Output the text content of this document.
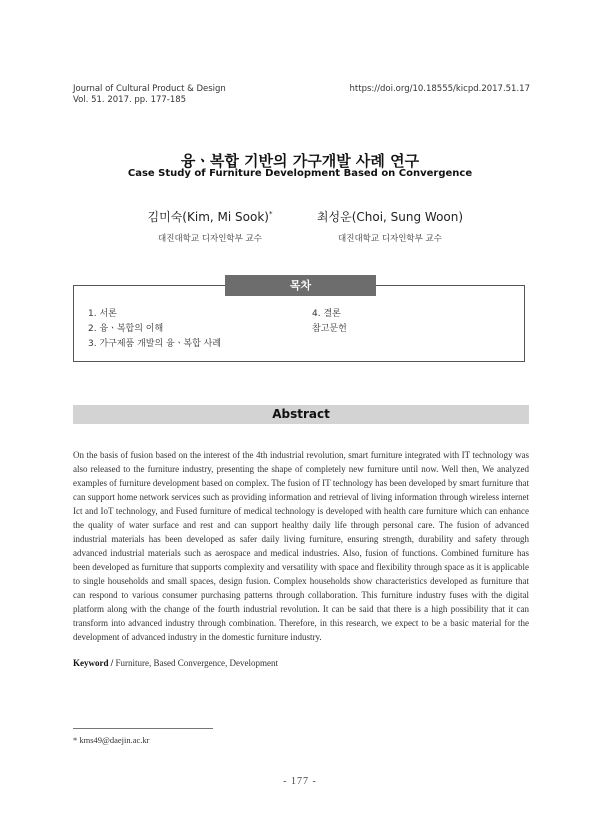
Journal of Cultural Product & Design
Vol. 51. 2017. pp. 177-185
https://doi.org/10.18555/kicpd.2017.51.17
융ㆍ복합 기반의 가구개발 사례 연구
Case Study of Furniture Development Based on Convergence
김미숙(Kim, Mi Sook)*
대진대학교 디자인학부 교수
최성운(Choi, Sung Woon)
대진대학교 디자인학부 교수
목차
1. 서론
2. 융ㆍ복합의 이해
3. 가구제품 개발의 융ㆍ복합 사례
4. 결론
참고문헌
Abstract

On the basis of fusion based on the interest of the 4th industrial revolution, smart furniture integrated with IT technology was also released to the furniture industry, presenting the shape of completely new furniture until now. Well then, We analyzed examples of furniture development based on complex. The fusion of IT technology has been developed by smart furniture that can support home network services such as providing information and retrieval of living information through wireless internet Ict and IoT technology, and Fused furniture of medical technology is developed with health care furniture which can enhance the quality of water surface and rest and can support healthy daily life through personal care. The fusion of advanced industrial materials has been developed as safer daily living furniture, ensuring strength, durability and safety through advanced industrial materials such as aerospace and medical industries. Also, fusion of functions. Combined furniture has been developed as furniture that supports complexity and versatility with space and flexibility through space as it is applicable to single households and small spaces, design fusion. Complex households show characteristics developed as furniture that can respond to various consumer purchasing patterns through collaboration. This furniture industry fuses with the digital platform along with the change of the fourth industrial revolution. It can be said that there is a high possibility that it can transform into advanced industry through combination. Therefore, in this research, we expect to be a basic material for the development of advanced industry in the domestic furniture industry.

Keyword / Furniture, Based Convergence, Development
* kms49@daejin.ac.kr
- 177 -
